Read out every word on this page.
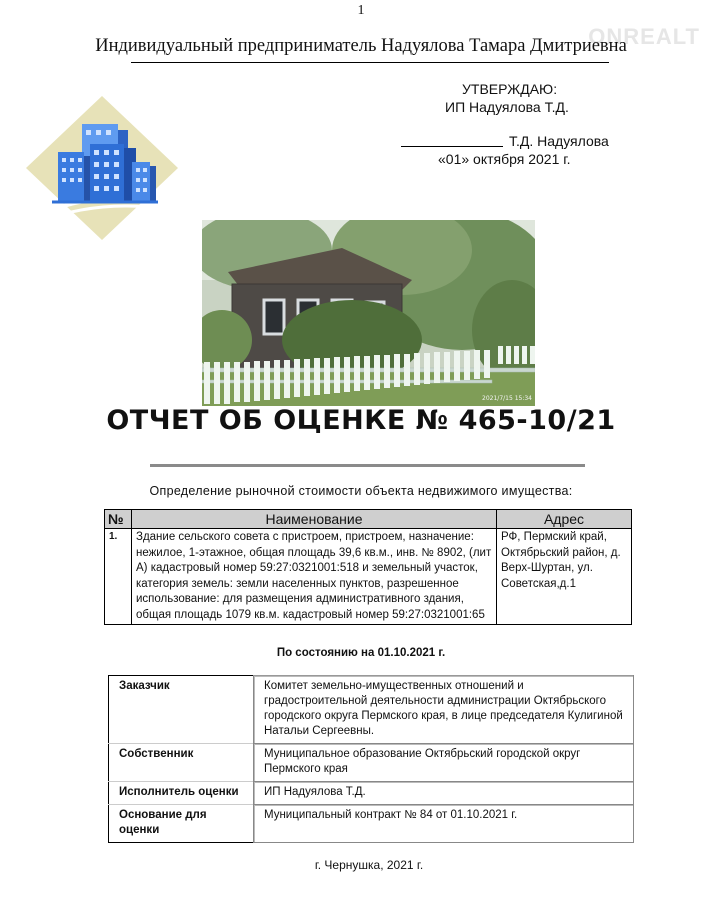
1
ONREALT
Индивидуальный предприниматель Надуялова Тамара Дмитриевна
УТВЕРЖДАЮ:
ИП Надуялова Т.Д.
Т.Д. Надуялова
«01» октября 2021 г.
2021/7/15 15:34
ОТЧЕТ ОБ ОЦЕНКЕ № 465-10/21
Определение рыночной стоимости объекта недвижимого имущества:
№	Наименование	Адрес
1.	Здание сельского совета с пристроем, пристроем, назначение: нежилое, 1-этажное, общая площадь 39,6 кв.м., инв. № 8902, (лит А) кадастровый номер 59:27:0321001:518 и земельный участок, категория земель: земли населенных пунктов, разрешенное использование: для размещения административного здания, общая площадь 1079 кв.м. кадастровый номер 59:27:0321001:65	РФ, Пермский край, Октябрьский район, д. Верх-Шуртан, ул. Советская,д.1
По состоянию на 01.10.2021 г.
Заказчик	Комитет земельно-имущественных отношений и градостроительной деятельности администрации Октябрьского городского округа Пермского края, в лице председателя Кулигиной Натальи Сергеевны.
Собственник	Муниципальное образование Октябрьский городской округ Пермского края
Исполнитель оценки	ИП Надуялова Т.Д.
Основание для оценки	Муниципальный контракт № 84 от 01.10.2021 г.
г. Чернушка, 2021 г.
